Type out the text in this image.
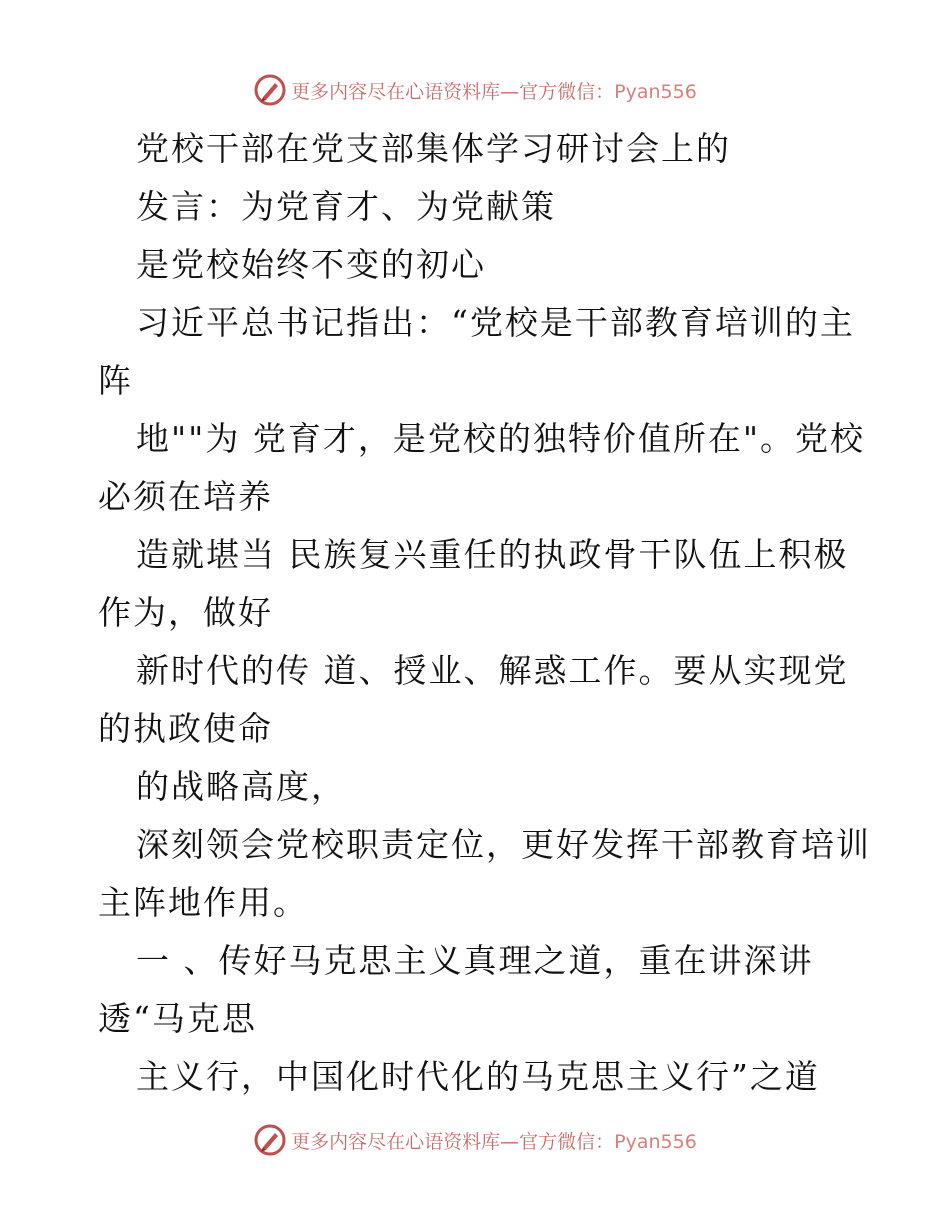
更多内容尽在心语资料库—官方微信：Pyan556
党校干部在党支部集体学习研讨会上的
发言：为党育才、为党献策
是党校始终不变的初心
习近平总书记指出：“党校是干部教育培训的主
阵
地""为 党育才，是党校的独特价值所在"。党校
必须在培养
造就堪当 民族复兴重任的执政骨干队伍上积极
作为，做好
新时代的传 道、授业、解惑工作。要从实现党
的执政使命
的战略高度，
深刻领会党校职责定位，更好发挥干部教育培训
主阵地作用。
一 、传好马克思主义真理之道，重在讲深讲
透“马克思
主义行，中国化时代化的马克思主义行”之道
更多内容尽在心语资料库—官方微信：Pyan556
